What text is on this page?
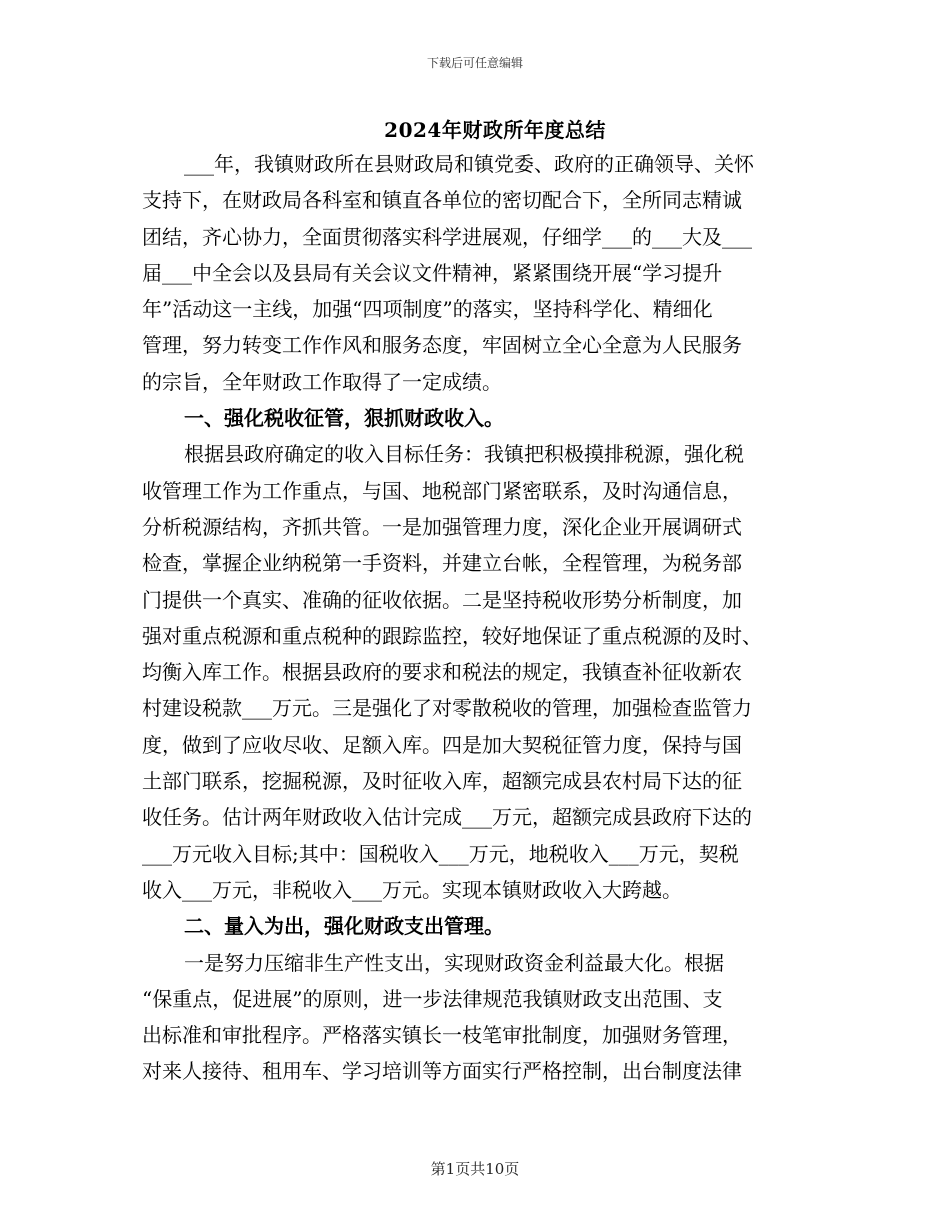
下载后可任意编辑
2024年财政所年度总结
___年，我镇财政所在县财政局和镇党委、政府的正确领导、关怀
支持下，在财政局各科室和镇直各单位的密切配合下，全所同志精诚
团结，齐心协力，全面贯彻落实科学进展观，仔细学___的___大及___
届___中全会以及县局有关会议文件精神，紧紧围绕开展“学习提升
年”活动这一主线，加强“四项制度”的落实，坚持科学化、精细化
管理，努力转变工作作风和服务态度，牢固树立全心全意为人民服务
的宗旨，全年财政工作取得了一定成绩。
一、强化税收征管，狠抓财政收入。
根据县政府确定的收入目标任务：我镇把积极摸排税源，强化税
收管理工作为工作重点，与国、地税部门紧密联系，及时沟通信息，
分析税源结构，齐抓共管。一是加强管理力度，深化企业开展调研式
检查，掌握企业纳税第一手资料，并建立台帐，全程管理，为税务部
门提供一个真实、准确的征收依据。二是坚持税收形势分析制度，加
强对重点税源和重点税种的跟踪监控，较好地保证了重点税源的及时、
均衡入库工作。根据县政府的要求和税法的规定，我镇查补征收新农
村建设税款___万元。三是强化了对零散税收的管理，加强检查监管力
度，做到了应收尽收、足额入库。四是加大契税征管力度，保持与国
土部门联系，挖掘税源，及时征收入库，超额完成县农村局下达的征
收任务。估计两年财政收入估计完成___万元，超额完成县政府下达的
___万元收入目标;其中：国税收入___万元，地税收入___万元，契税
收入___万元，非税收入___万元。实现本镇财政收入大跨越。
二、量入为出，强化财政支出管理。
一是努力压缩非生产性支出，实现财政资金利益最大化。根据
“保重点，促进展”的原则，进一步法律规范我镇财政支出范围、支
出标准和审批程序。严格落实镇长一枝笔审批制度，加强财务管理，
对来人接待、租用车、学习培训等方面实行严格控制，出台制度法律
第1页共10页
